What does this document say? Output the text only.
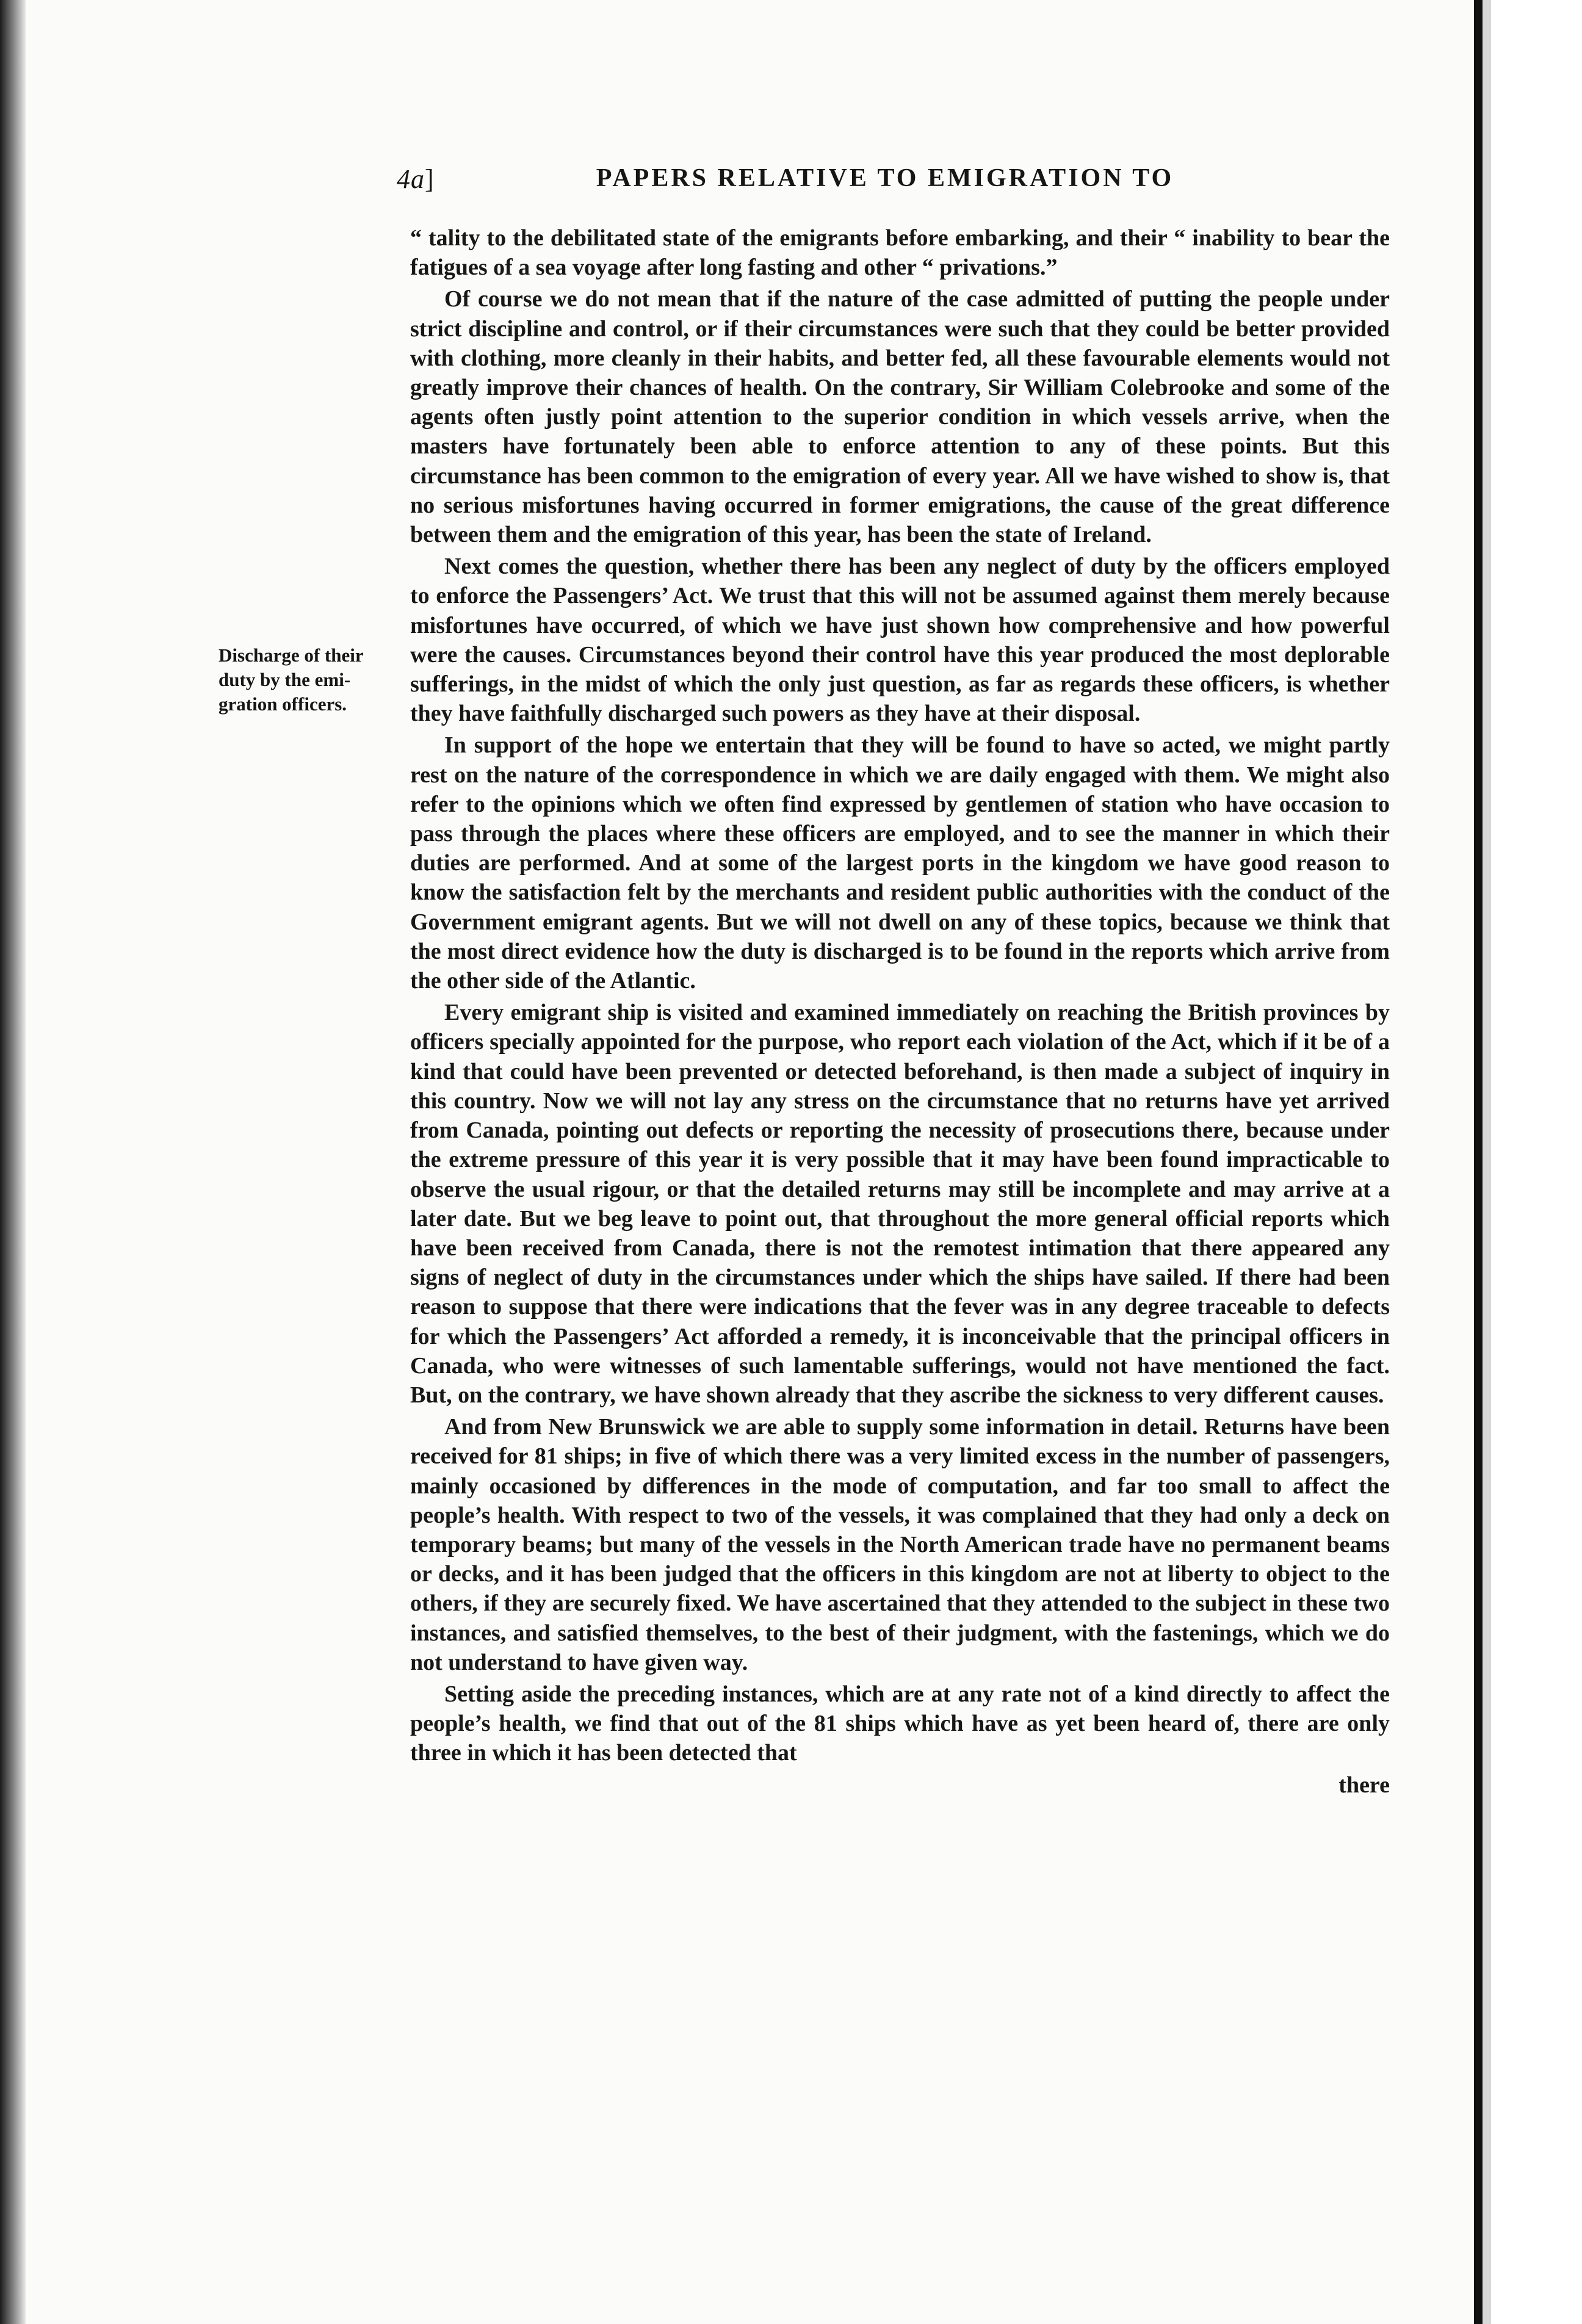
4a]	PAPERS RELATIVE TO EMIGRATION TO
Discharge of their
duty by the emi-
gration officers.

“ tality to the debilitated state of the emigrants before embarking, and their “ inability to bear the fatigues of a sea voyage after long fasting and other “ privations.”

Of course we do not mean that if the nature of the case admitted of putting the people under strict discipline and control, or if their circumstances were such that they could be better provided with clothing, more cleanly in their habits, and better fed, all these favourable elements would not greatly improve their chances of health. On the contrary, Sir William Colebrooke and some of the agents often justly point attention to the superior condition in which vessels arrive, when the masters have fortunately been able to enforce attention to any of these points. But this circumstance has been common to the emigration of every year. All we have wished to show is, that no serious misfortunes having occurred in former emigrations, the cause of the great difference between them and the emigration of this year, has been the state of Ireland.

Next comes the question, whether there has been any neglect of duty by the officers employed to enforce the Passengers’ Act. We trust that this will not be assumed against them merely because misfortunes have occurred, of which we have just shown how comprehensive and how powerful were the causes. Circumstances beyond their control have this year produced the most deplorable sufferings, in the midst of which the only just question, as far as regards these officers, is whether they have faithfully discharged such powers as they have at their disposal.

In support of the hope we entertain that they will be found to have so acted, we might partly rest on the nature of the correspondence in which we are daily engaged with them. We might also refer to the opinions which we often find expressed by gentlemen of station who have occasion to pass through the places where these officers are employed, and to see the manner in which their duties are performed. And at some of the largest ports in the kingdom we have good reason to know the satisfaction felt by the merchants and resident public authorities with the conduct of the Government emigrant agents. But we will not dwell on any of these topics, because we think that the most direct evidence how the duty is discharged is to be found in the reports which arrive from the other side of the Atlantic.

Every emigrant ship is visited and examined immediately on reaching the British provinces by officers specially appointed for the purpose, who report each violation of the Act, which if it be of a kind that could have been prevented or detected beforehand, is then made a subject of inquiry in this country. Now we will not lay any stress on the circumstance that no returns have yet arrived from Canada, pointing out defects or reporting the necessity of prosecutions there, because under the extreme pressure of this year it is very possible that it may have been found impracticable to observe the usual rigour, or that the detailed returns may still be incomplete and may arrive at a later date. But we beg leave to point out, that throughout the more general official reports which have been received from Canada, there is not the remotest intimation that there appeared any signs of neglect of duty in the circumstances under which the ships have sailed. If there had been reason to suppose that there were indications that the fever was in any degree traceable to defects for which the Passengers’ Act afforded a remedy, it is inconceivable that the principal officers in Canada, who were witnesses of such lamentable sufferings, would not have mentioned the fact. But, on the contrary, we have shown already that they ascribe the sickness to very different causes.

And from New Brunswick we are able to supply some information in detail. Returns have been received for 81 ships; in five of which there was a very limited excess in the number of passengers, mainly occasioned by differences in the mode of computation, and far too small to affect the people’s health. With respect to two of the vessels, it was complained that they had only a deck on temporary beams; but many of the vessels in the North American trade have no permanent beams or decks, and it has been judged that the officers in this kingdom are not at liberty to object to the others, if they are securely fixed. We have ascertained that they attended to the subject in these two instances, and satisfied themselves, to the best of their judgment, with the fastenings, which we do not understand to have given way.

Setting aside the preceding instances, which are at any rate not of a kind directly to affect the people’s health, we find that out of the 81 ships which have as yet been heard of, there are only three in which it has been detected that

there
